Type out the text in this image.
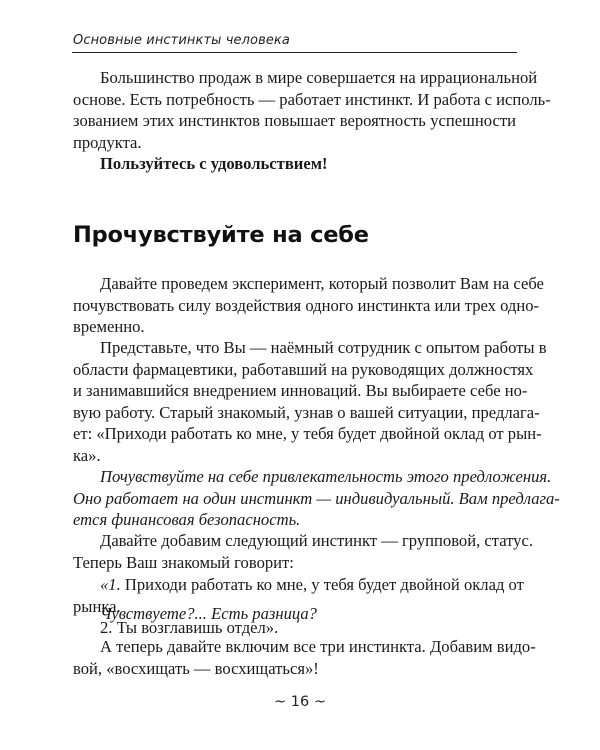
Основные инстинкты человека
Большинство продаж в мире совершается на иррациональной
основе. Есть потребность — работает инстинкт. И работа с исполь-
зованием этих инстинктов повышает вероятность успешности
продукта.
Пользуйтесь с удовольствием!
Прочувствуйте на себе
Давайте проведем эксперимент, который позволит Вам на себе
почувствовать силу воздействия одного инстинкта или трех одно-
временно.
Представьте, что Вы — наёмный сотрудник с опытом работы в
области фармацевтики, работавший на руководящих должностях
и занимавшийся внедрением инноваций. Вы выбираете себе но-
вую работу. Старый знакомый, узнав о вашей ситуации, предлага-
ет: «Приходи работать ко мне, у тебя будет двойной оклад от рын-
ка».
Почувствуйте на себе привлекательность этого предложения.
Оно работает на один инстинкт — индивидуальный. Вам предлага-
ется финансовая безопасность.
Давайте добавим следующий инстинкт — групповой, статус.
Теперь Ваш знакомый говорит:
«1. Приходи работать ко мне, у тебя будет двойной оклад от
рынка.
2. Ты возглавишь отдел».
Чувствуете?... Есть разница?
А теперь давайте включим все три инстинкта. Добавим видо-
вой, «восхищать — восхищаться»!
~ 16 ~
